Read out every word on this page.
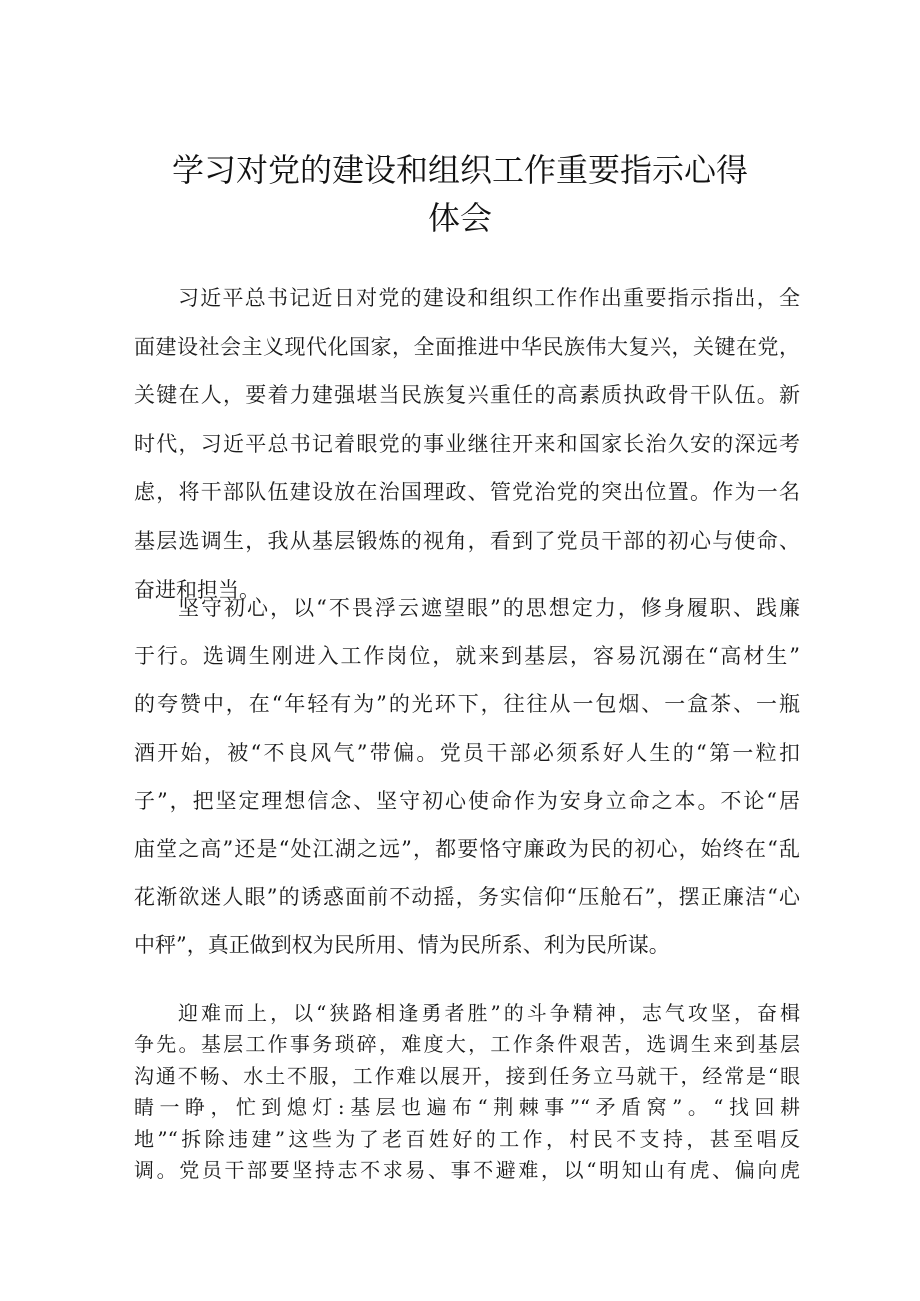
学习对党的建设和组织工作重要指示心得
体会
习近平总书记近日对党的建设和组织工作作出重要指示指出，全
面建设社会主义现代化国家，全面推进中华民族伟大复兴，关键在党，
关键在人，要着力建强堪当民族复兴重任的高素质执政骨干队伍。新
时代，习近平总书记着眼党的事业继往开来和国家长治久安的深远考
虑，将干部队伍建设放在治国理政、管党治党的突出位置。作为一名
基层选调生，我从基层锻炼的视角，看到了党员干部的初心与使命、
奋进和担当。
坚守初心，以“不畏浮云遮望眼”的思想定力，修身履职、践廉
于行。选调生刚进入工作岗位，就来到基层，容易沉溺在“高材生”
的夸赞中，在“年轻有为”的光环下，往往从一包烟、一盒茶、一瓶
酒开始，被“不良风气”带偏。党员干部必须系好人生的“第一粒扣
子”，把坚定理想信念、坚守初心使命作为安身立命之本。不论“居
庙堂之高”还是“处江湖之远”，都要恪守廉政为民的初心，始终在“乱
花渐欲迷人眼”的诱惑面前不动摇，务实信仰“压舱石”，摆正廉洁“心
中秤”，真正做到权为民所用、情为民所系、利为民所谋。
迎难而上，以“狭路相逢勇者胜”的斗争精神，志气攻坚，奋楫
争先。基层工作事务琐碎，难度大，工作条件艰苦，选调生来到基层
沟通不畅、水土不服，工作难以展开，接到任务立马就干，经常是“眼
睛一睁，忙到熄灯:基层也遍布“荆棘事”“矛盾窝”。“找回耕
地”“拆除违建”这些为了老百姓好的工作，村民不支持，甚至唱反
调。党员干部要坚持志不求易、事不避难，以“明知山有虎、偏向虎
